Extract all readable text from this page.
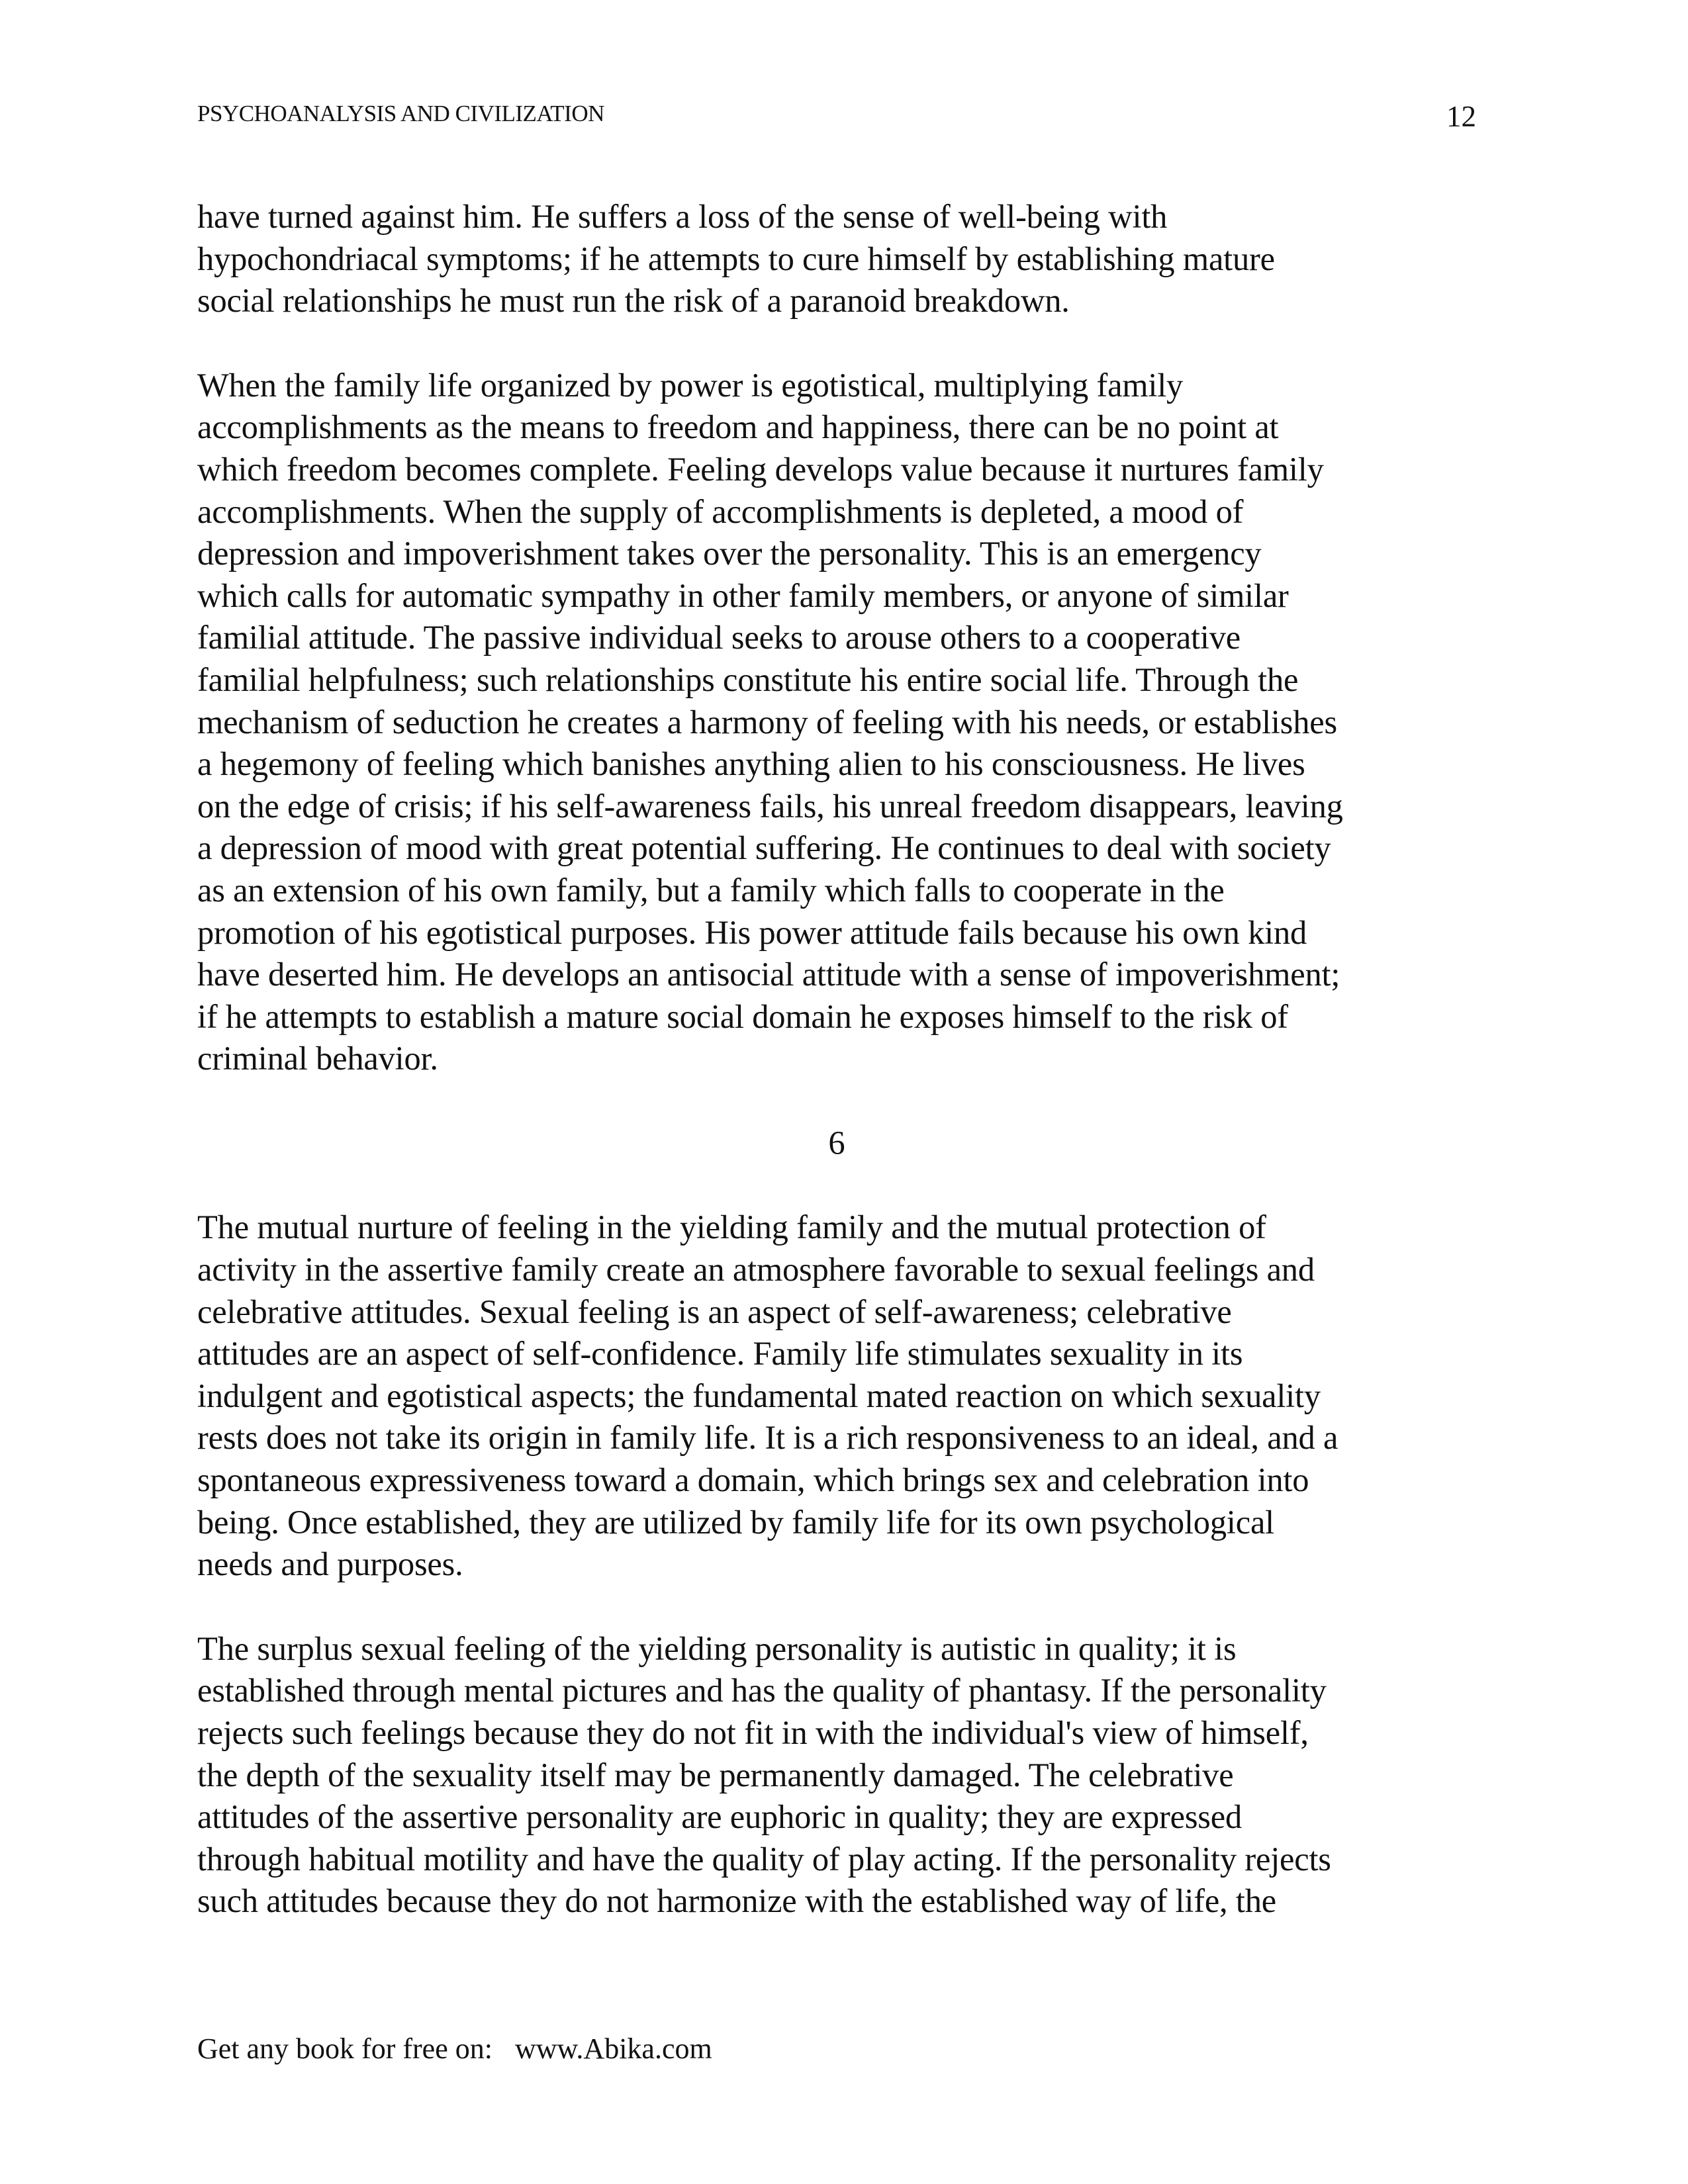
PSYCHOANALYSIS AND CIVILIZATION	12

have turned against him. He suffers a loss of the sense of well-being with
hypochondriacal symptoms; if he attempts to cure himself by establishing mature
social relationships he must run the risk of a paranoid breakdown.

When the family life organized by power is egotistical, multiplying family
accomplishments as the means to freedom and happiness, there can be no point at
which freedom becomes complete. Feeling develops value because it nurtures family
accomplishments. When the supply of accomplishments is depleted, a mood of
depression and impoverishment takes over the personality. This is an emergency
which calls for automatic sympathy in other family members, or anyone of similar
familial attitude. The passive individual seeks to arouse others to a cooperative
familial helpfulness; such relationships constitute his entire social life. Through the
mechanism of seduction he creates a harmony of feeling with his needs, or establishes
a hegemony of feeling which banishes anything alien to his consciousness. He lives
on the edge of crisis; if his self-awareness fails, his unreal freedom disappears, leaving
a depression of mood with great potential suffering. He continues to deal with society
as an extension of his own family, but a family which falls to cooperate in the
promotion of his egotistical purposes. His power attitude fails because his own kind
have deserted him. He develops an antisocial attitude with a sense of impoverishment;
if he attempts to establish a mature social domain he exposes himself to the risk of
criminal behavior.

6

The mutual nurture of feeling in the yielding family and the mutual protection of
activity in the assertive family create an atmosphere favorable to sexual feelings and
celebrative attitudes. Sexual feeling is an aspect of self-awareness; celebrative
attitudes are an aspect of self-confidence. Family life stimulates sexuality in its
indulgent and egotistical aspects; the fundamental mated reaction on which sexuality
rests does not take its origin in family life. It is a rich responsiveness to an ideal, and a
spontaneous expressiveness toward a domain, which brings sex and celebration into
being. Once established, they are utilized by family life for its own psychological
needs and purposes.

The surplus sexual feeling of the yielding personality is autistic in quality; it is
established through mental pictures and has the quality of phantasy. If the personality
rejects such feelings because they do not fit in with the individual's view of himself,
the depth of the sexuality itself may be permanently damaged. The celebrative
attitudes of the assertive personality are euphoric in quality; they are expressed
through habitual motility and have the quality of play acting. If the personality rejects
such attitudes because they do not harmonize with the established way of life, the

Get any book for free on: www.Abika.com
